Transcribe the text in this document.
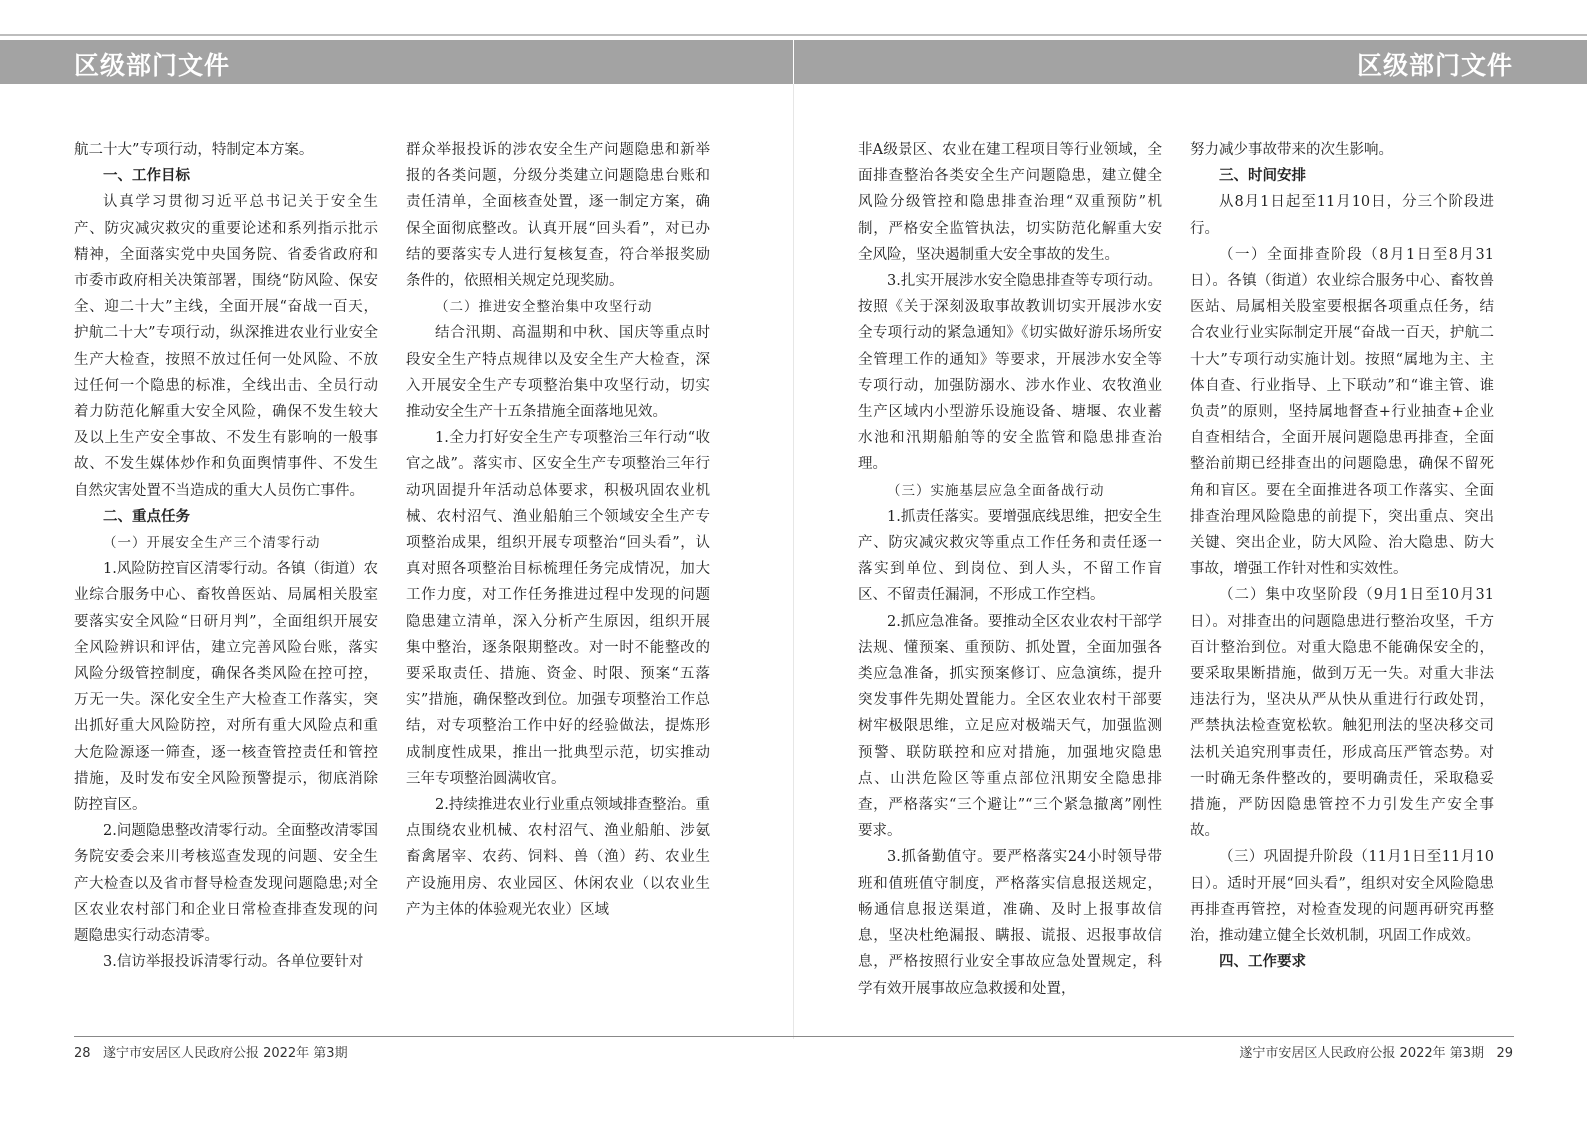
区级部门文件	区级部门文件

航二十大”专项行动，特制定本方案。

一、工作目标

认真学习贯彻习近平总书记关于安全生产、防灾减灾救灾的重要论述和系列指示批示精神，全面落实党中央国务院、省委省政府和市委市政府相关决策部署，围绕“防风险、保安全、迎二十大”主线，全面开展“奋战一百天，护航二十大”专项行动，纵深推进农业行业安全生产大检查，按照不放过任何一处风险、不放过任何一个隐患的标准，全线出击、全员行动着力防范化解重大安全风险，确保不发生较大及以上生产安全事故、不发生有影响的一般事故、不发生媒体炒作和负面舆情事件、不发生自然灾害处置不当造成的重大人员伤亡事件。

二、重点任务

（一）开展安全生产三个清零行动

1.风险防控盲区清零行动。各镇（街道）农业综合服务中心、畜牧兽医站、局属相关股室要落实安全风险“日研月判”，全面组织开展安全风险辨识和评估，建立完善风险台账，落实风险分级管控制度，确保各类风险在控可控，万无一失。深化安全生产大检查工作落实，突出抓好重大风险防控，对所有重大风险点和重大危险源逐一筛查，逐一核查管控责任和管控措施，及时发布安全风险预警提示，彻底消除防控盲区。

2.问题隐患整改清零行动。全面整改清零国务院安委会来川考核巡查发现的问题、安全生产大检查以及省市督导检查发现问题隐患;对全区农业农村部门和企业日常检查排查发现的问题隐患实行动态清零。

3.信访举报投诉清零行动。各单位要针对

群众举报投诉的涉农安全生产问题隐患和新举报的各类问题，分级分类建立问题隐患台账和责任清单，全面核查处置，逐一制定方案，确保全面彻底整改。认真开展“回头看”，对已办结的要落实专人进行复核复查，符合举报奖励条件的，依照相关规定兑现奖励。

（二）推进安全整治集中攻坚行动

结合汛期、高温期和中秋、国庆等重点时段安全生产特点规律以及安全生产大检查，深入开展安全生产专项整治集中攻坚行动，切实推动安全生产十五条措施全面落地见效。

1.全力打好安全生产专项整治三年行动“收官之战”。落实市、区安全生产专项整治三年行动巩固提升年活动总体要求，积极巩固农业机械、农村沼气、渔业船舶三个领域安全生产专项整治成果，组织开展专项整治“回头看”，认真对照各项整治目标梳理任务完成情况，加大工作力度，对工作任务推进过程中发现的问题隐患建立清单，深入分析产生原因，组织开展集中整治，逐条限期整改。对一时不能整改的要采取责任、措施、资金、时限、预案“五落实”措施，确保整改到位。加强专项整治工作总结，对专项整治工作中好的经验做法，提炼形成制度性成果，推出一批典型示范，切实推动三年专项整治圆满收官。

2.持续推进农业行业重点领域排查整治。重点围绕农业机械、农村沼气、渔业船舶、涉氨畜禽屠宰、农药、饲料、兽（渔）药、农业生产设施用房、农业园区、休闲农业（以农业生产为主体的体验观光农业）区域

非A级景区、农业在建工程项目等行业领域，全面排查整治各类安全生产问题隐患，建立健全风险分级管控和隐患排查治理“双重预防”机制，严格安全监管执法，切实防范化解重大安全风险，坚决遏制重大安全事故的发生。

3.扎实开展涉水安全隐患排查等专项行动。按照《关于深刻汲取事故教训切实开展涉水安全专项行动的紧急通知》《切实做好游乐场所安全管理工作的通知》等要求，开展涉水安全等专项行动，加强防溺水、涉水作业、农牧渔业生产区域内小型游乐设施设备、塘堰、农业蓄水池和汛期船舶等的安全监管和隐患排查治理。

（三）实施基层应急全面备战行动

1.抓责任落实。要增强底线思维，把安全生产、防灾减灾救灾等重点工作任务和责任逐一落实到单位、到岗位、到人头，不留工作盲区、不留责任漏洞，不形成工作空档。

2.抓应急准备。要推动全区农业农村干部学法规、懂预案、重预防、抓处置，全面加强各类应急准备，抓实预案修订、应急演练，提升突发事件先期处置能力。全区农业农村干部要树牢极限思维，立足应对极端天气，加强监测预警、联防联控和应对措施，加强地灾隐患点、山洪危险区等重点部位汛期安全隐患排查，严格落实“三个避让”“三个紧急撤离”刚性要求。

3.抓备勤值守。要严格落实24小时领导带班和值班值守制度，严格落实信息报送规定，畅通信息报送渠道，准确、及时上报事故信息，坚决杜绝漏报、瞒报、谎报、迟报事故信息，严格按照行业安全事故应急处置规定，科学有效开展事故应急救援和处置，

努力减少事故带来的次生影响。

三、时间安排

从8月1日起至11月10日，分三个阶段进行。

（一）全面排查阶段（8月1日至8月31日）。各镇（街道）农业综合服务中心、畜牧兽医站、局属相关股室要根据各项重点任务，结合农业行业实际制定开展“奋战一百天，护航二十大”专项行动实施计划。按照“属地为主、主体自查、行业指导、上下联动”和“谁主管、谁负责”的原则，坚持属地督查+行业抽查+企业自查相结合，全面开展问题隐患再排查，全面整治前期已经排查出的问题隐患，确保不留死角和盲区。要在全面推进各项工作落实、全面排查治理风险隐患的前提下，突出重点、突出关键、突出企业，防大风险、治大隐患、防大事故，增强工作针对性和实效性。

（二）集中攻坚阶段（9月1日至10月31日）。对排查出的问题隐患进行整治攻坚，千方百计整治到位。对重大隐患不能确保安全的，要采取果断措施，做到万无一失。对重大非法违法行为，坚决从严从快从重进行行政处罚，严禁执法检查宽松软。触犯刑法的坚决移交司法机关追究刑事责任，形成高压严管态势。对一时确无条件整改的，要明确责任，采取稳妥措施，严防因隐患管控不力引发生产安全事故。

（三）巩固提升阶段（11月1日至11月10日）。适时开展“回头看”，组织对安全风险隐患再排查再管控，对检查发现的问题再研究再整治，推动建立健全长效机制，巩固工作成效。

四、工作要求

28 遂宁市安居区人民政府公报 2022年 第3期	遂宁市安居区人民政府公报 2022年 第3期 29
